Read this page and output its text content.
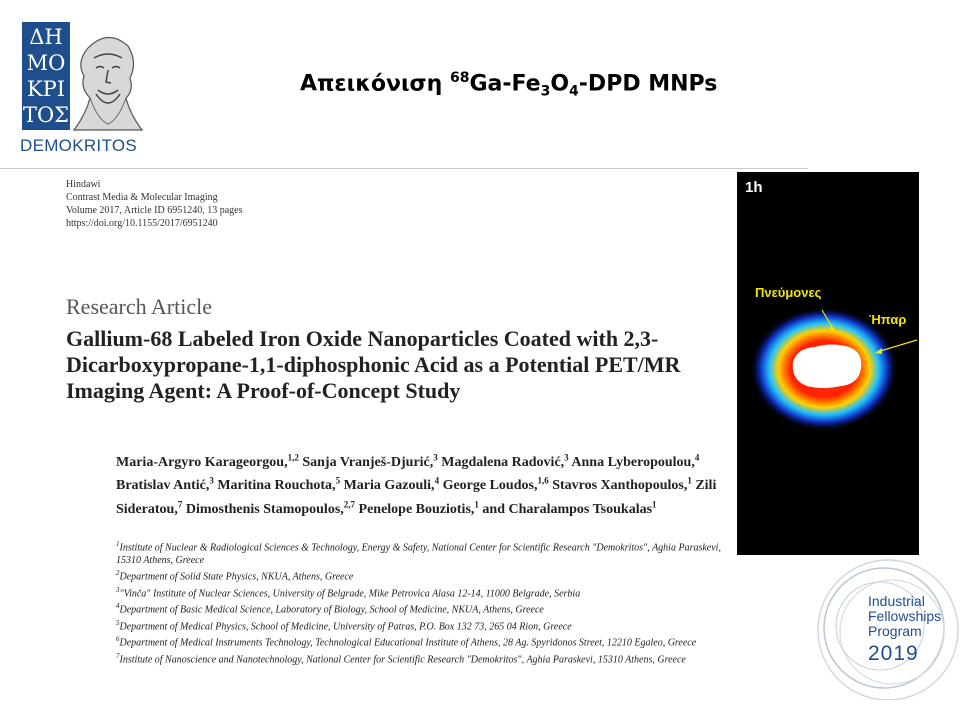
ΔΗ
ΜΟ
ΚΡΙ
ΤΟΣ
DEMOKRITOS
Απεικόνιση $^{68}Ga-Fe_3O_4$-DPD MNPs
Hindawi
Contrast Media & Molecular Imaging
Volume 2017, Article ID 6951240, 13 pages
https://doi.org/10.1155/2017/6951240
Research Article
Gallium-68 Labeled Iron Oxide Nanoparticles Coated with 2,3-Dicarboxypropane-1,1-diphosphonic Acid as a Potential PET/MR Imaging Agent: A Proof-of-Concept Study
Maria-Argyro Karageorgou,$^{1,2}$ Sanja Vranješ-Djurić,$^3$ Magdalena Radović,$^3$ Anna Lyberopoulou,$^4$ Bratislav Antić,$^3$ Maritina Rouchota,$^5$ Maria Gazouli,$^4$ George Loudos,$^{1,6}$ Stavros Xanthopoulos,$^1$ Zili Sideratou,$^7$ Dimosthenis Stamopoulos,$^{2,7}$ Penelope Bouziotis,$^1$ and Charalampos Tsoukalas$^1$
$^1$Institute of Nuclear & Radiological Sciences & Technology, Energy & Safety, National Center for Scientific Research "Demokritos", Aghia Paraskevi, 15310 Athens, Greece
$^2$Department of Solid State Physics, NKUA, Athens, Greece
$^3$"Vinča" Institute of Nuclear Sciences, University of Belgrade, Mike Petrovica Alasa 12-14, 11000 Belgrade, Serbia
$^4$Department of Basic Medical Science, Laboratory of Biology, School of Medicine, NKUA, Athens, Greece
$^5$Department of Medical Physics, School of Medicine, University of Patras, P.O. Box 132 73, 265 04 Rion, Greece
$^6$Department of Medical Instruments Technology, Technological Educational Institute of Athens, 28 Ag. Spyridonos Street, 12210 Egaleo, Greece
$^7$Institute of Nanoscience and Nanotechnology, National Center for Scientific Research "Demokritos", Aghia Paraskevi, 15310 Athens, Greece
1h
Πνεύμονες
Ήπαρ
Industrial
Fellowships
Program
2019
